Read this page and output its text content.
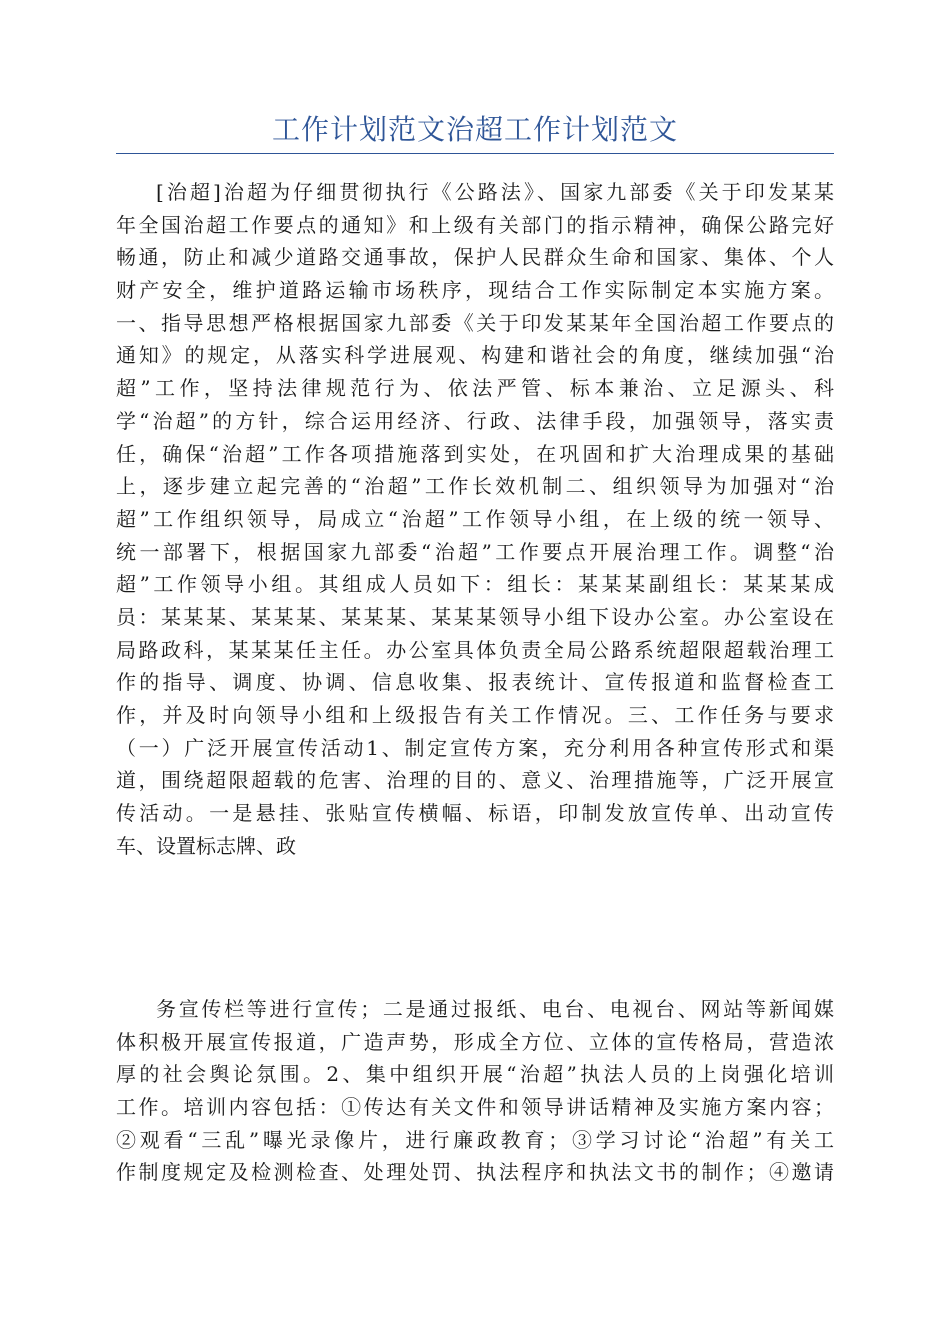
工作计划范文治超工作计划范文
[治超]治超为仔细贯彻执行《公路法》、国家九部委《关于印发某某
年全国治超工作要点的通知》和上级有关部门的指示精神，确保公路完好
畅通，防止和减少道路交通事故，保护人民群众生命和国家、集体、个人
财产安全，维护道路运输市场秩序，现结合工作实际制定本实施方案。
一、指导思想严格根据国家九部委《关于印发某某年全国治超工作要点的
通知》的规定，从落实科学进展观、构建和谐社会的角度，继续加强“治
超”工作，坚持法律规范行为、依法严管、标本兼治、立足源头、科
学“治超”的方针，综合运用经济、行政、法律手段，加强领导，落实责
任，确保“治超”工作各项措施落到实处，在巩固和扩大治理成果的基础
上，逐步建立起完善的“治超”工作长效机制二、组织领导为加强对“治
超”工作组织领导，局成立“治超”工作领导小组，在上级的统一领导、
统一部署下，根据国家九部委“治超”工作要点开展治理工作。调整“治
超”工作领导小组。其组成人员如下：组长：某某某副组长：某某某成
员：某某某、某某某、某某某、某某某领导小组下设办公室。办公室设在
局路政科，某某某任主任。办公室具体负责全局公路系统超限超载治理工
作的指导、调度、协调、信息收集、报表统计、宣传报道和监督检查工
作，并及时向领导小组和上级报告有关工作情况。三、工作任务与要求
（一）广泛开展宣传活动1、制定宣传方案，充分利用各种宣传形式和渠
道，围绕超限超载的危害、治理的目的、意义、治理措施等，广泛开展宣
传活动。一是悬挂、张贴宣传横幅、标语，印制发放宣传单、出动宣传
车、设置标志牌、政
务宣传栏等进行宣传；二是通过报纸、电台、电视台、网站等新闻媒
体积极开展宣传报道，广造声势，形成全方位、立体的宣传格局，营造浓
厚的社会舆论氛围。2、集中组织开展“治超”执法人员的上岗强化培训
工作。培训内容包括：①传达有关文件和领导讲话精神及实施方案内容；
②观看“三乱”曝光录像片，进行廉政教育；③学习讨论“治超”有关工
作制度规定及检测检查、处理处罚、执法程序和执法文书的制作；④邀请
